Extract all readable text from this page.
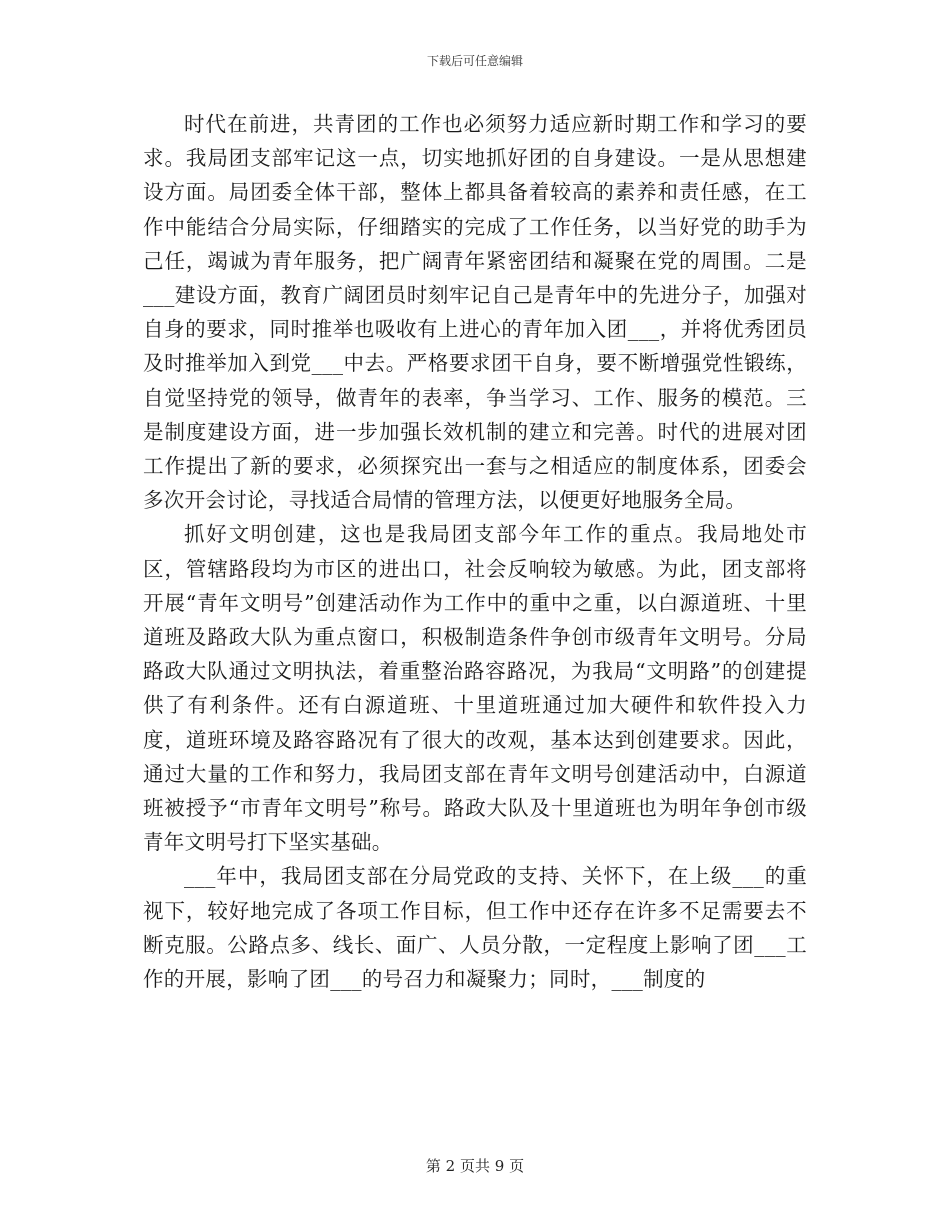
下载后可任意编辑

时代在前进，共青团的工作也必须努力适应新时期工作和学习的要求。我局团支部牢记这一点，切实地抓好团的自身建设。一是从思想建设方面。局团委全体干部，整体上都具备着较高的素养和责任感，在工作中能结合分局实际，仔细踏实的完成了工作任务，以当好党的助手为己任，竭诚为青年服务，把广阔青年紧密团结和凝聚在党的周围。二是___建设方面，教育广阔团员时刻牢记自己是青年中的先进分子，加强对自身的要求，同时推举也吸收有上进心的青年加入团___，并将优秀团员及时推举加入到党___中去。严格要求团干自身，要不断增强党性锻练，自觉坚持党的领导，做青年的表率，争当学习、工作、服务的模范。三是制度建设方面，进一步加强长效机制的建立和完善。时代的进展对团工作提出了新的要求，必须探究出一套与之相适应的制度体系，团委会多次开会讨论，寻找适合局情的管理方法，以便更好地服务全局。

抓好文明创建，这也是我局团支部今年工作的重点。我局地处市区，管辖路段均为市区的进出口，社会反响较为敏感。为此，团支部将开展“青年文明号”创建活动作为工作中的重中之重，以白源道班、十里道班及路政大队为重点窗口，积极制造条件争创市级青年文明号。分局路政大队通过文明执法，着重整治路容路况，为我局“文明路”的创建提供了有利条件。还有白源道班、十里道班通过加大硬件和软件投入力度，道班环境及路容路况有了很大的改观，基本达到创建要求。因此，通过大量的工作和努力，我局团支部在青年文明号创建活动中，白源道班被授予“市青年文明号”称号。路政大队及十里道班也为明年争创市级青年文明号打下坚实基础。

___年中，我局团支部在分局党政的支持、关怀下，在上级___的重视下，较好地完成了各项工作目标，但工作中还存在许多不足需要去不断克服。公路点多、线长、面广、人员分散，一定程度上影响了团___工作的开展，影响了团___的号召力和凝聚力；同时，___制度的

第 2 页共 9 页
